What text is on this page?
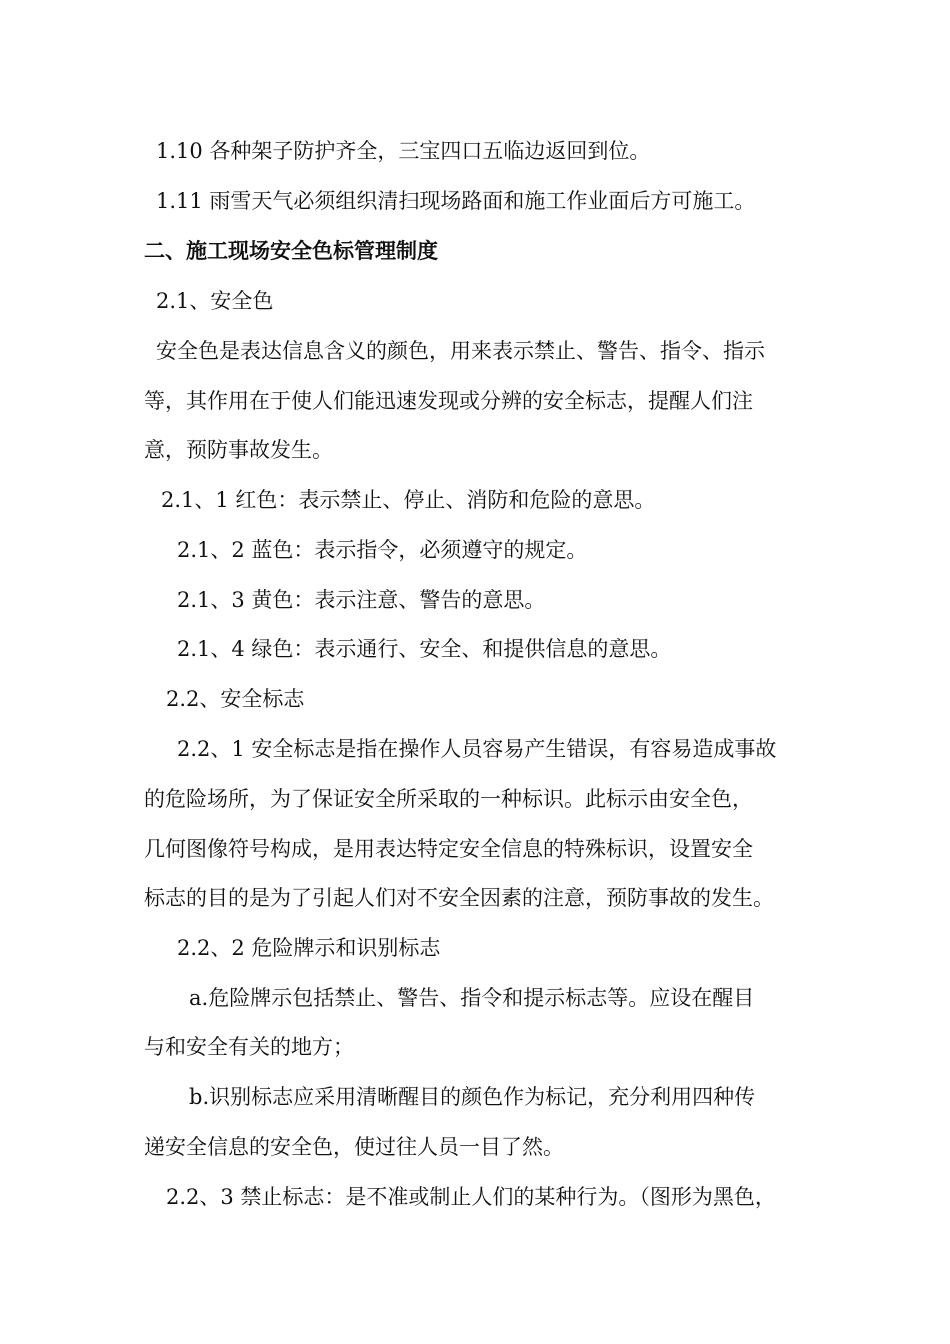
1.10 各种架子防护齐全，三宝四口五临边返回到位。

1.11 雨雪天气必须组织清扫现场路面和施工作业面后方可施工。

二、施工现场安全色标管理制度

2.1、安全色

安全色是表达信息含义的颜色，用来表示禁止、警告、指令、指示

等，其作用在于使人们能迅速发现或分辨的安全标志，提醒人们注

意，预防事故发生。

2.1、1 红色：表示禁止、停止、消防和危险的意思。

2.1、2 蓝色：表示指令，必须遵守的规定。

2.1、3 黄色：表示注意、警告的意思。

2.1、4 绿色：表示通行、安全、和提供信息的意思。

2.2、安全标志

2.2、1 安全标志是指在操作人员容易产生错误，有容易造成事故

的危险场所，为了保证安全所采取的一种标识。此标示由安全色，

几何图像符号构成，是用表达特定安全信息的特殊标识，设置安全

标志的目的是为了引起人们对不安全因素的注意，预防事故的发生。

2.2、2 危险牌示和识别标志

a.危险牌示包括禁止、警告、指令和提示标志等。应设在醒目

与和安全有关的地方；

b.识别标志应采用清晰醒目的颜色作为标记，充分利用四种传

递安全信息的安全色，使过往人员一目了然。

2.2、3 禁止标志：是不准或制止人们的某种行为。（图形为黑色，
